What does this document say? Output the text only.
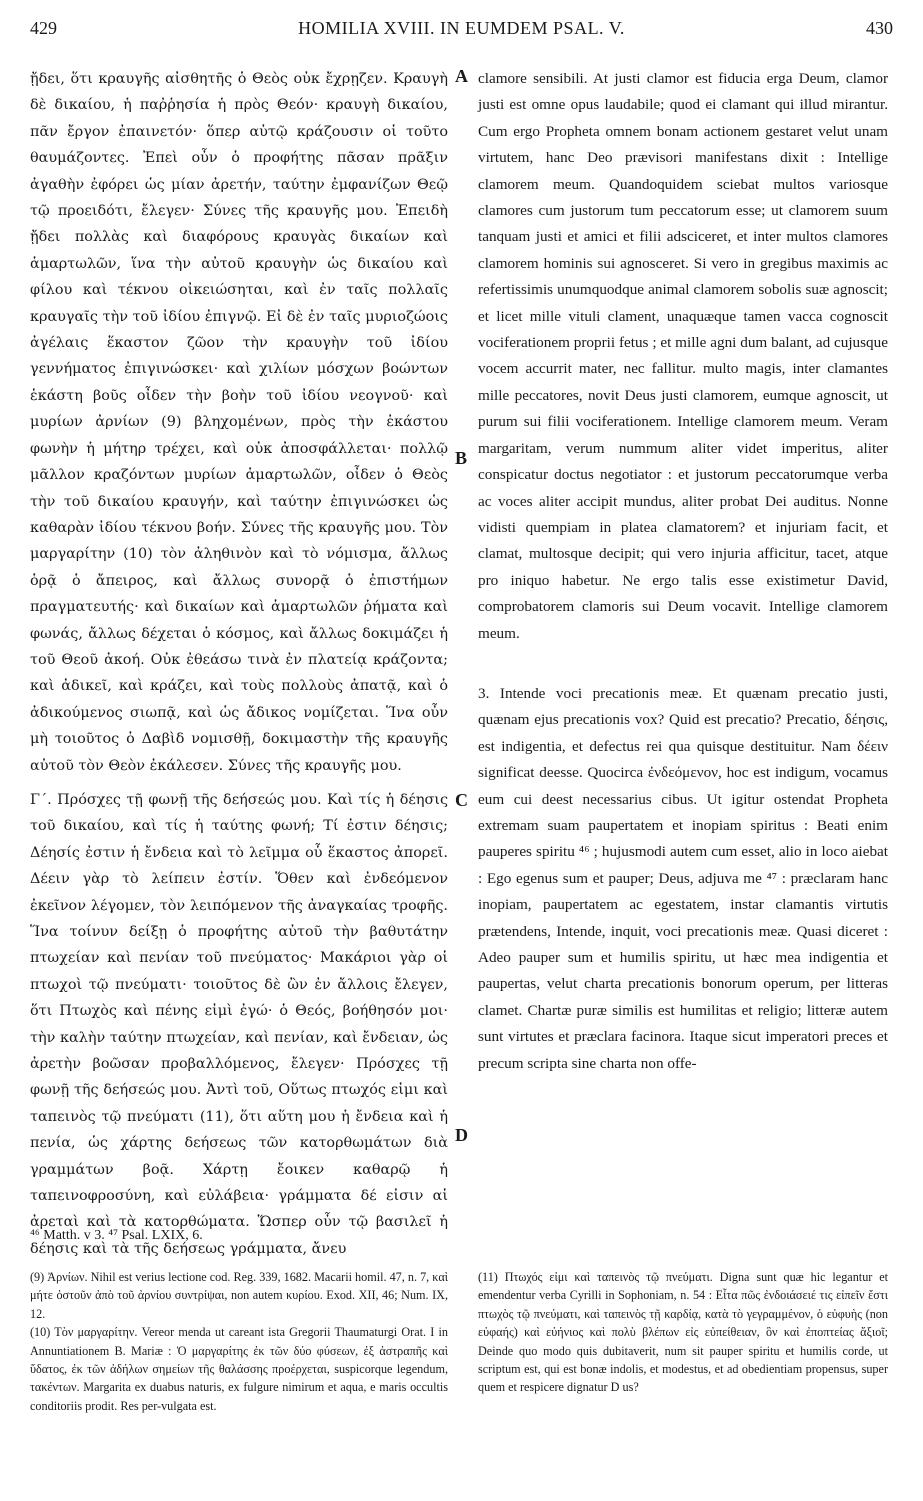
429	HOMILIA XVIII. IN EUMDEM PSAL. V.	430

ᾔδει, ὅτι κραυγῆς αἰσθητῆς ὁ Θεὸς οὐκ ἔχρῃζεν. Κραυγὴ δὲ δικαίου, ἡ παῤῥησία ἡ πρὸς Θεόν· κραυγὴ δικαίου, πᾶν ἔργον ἐπαινετόν· ὅπερ αὐτῷ κράζουσιν οἱ τοῦτο θαυμάζοντες. Ἐπεὶ οὖν ὁ προφήτης πᾶσαν πρᾶξιν ἀγαθὴν ἐφόρει ὡς μίαν ἀρετήν, ταύτην ἐμφανίζων Θεῷ τῷ προειδότι, ἔλεγεν· Σύνες τῆς κραυγῆς μου. Ἐπειδὴ ᾔδει πολλὰς καὶ διαφόρους κραυγὰς δικαίων καὶ ἁμαρτωλῶν, ἵνα τὴν αὐτοῦ κραυγὴν ὡς δικαίου καὶ φίλου καὶ τέκνου οἰκειώσηται, καὶ ἐν ταῖς πολλαῖς κραυγαῖς τὴν τοῦ ἰδίου ἐπιγνῷ. Εἰ δὲ ἐν ταῖς μυριοζώοις ἀγέλαις ἕκαστον ζῶον τὴν κραυγὴν τοῦ ἰδίου γεννήματος ἐπιγινώσκει· καὶ χιλίων μόσχων βοώντων ἑκάστη βοῦς οἶδεν τὴν βοὴν τοῦ ἰδίου νεογνοῦ· καὶ μυρίων ἀρνίων (9) βληχομένων, πρὸς τὴν ἑκάστου φωνὴν ἡ μήτηρ τρέχει, καὶ οὐκ ἀποσφάλλεται· πολλῷ μᾶλλον κραζόντων μυρίων ἁμαρτωλῶν, οἶδεν ὁ Θεὸς τὴν τοῦ δικαίου κραυγήν, καὶ ταύτην ἐπιγινώσκει ὡς καθαρὰν ἰδίου τέκνου βοήν. Σύνες τῆς κραυγῆς μου. Τὸν μαργαρίτην (10) τὸν ἀληθινὸν καὶ τὸ νόμισμα, ἄλλως ὁρᾷ ὁ ἄπειρος, καὶ ἄλλως συνορᾷ ὁ ἐπιστήμων πραγματευτής· καὶ δικαίων καὶ ἁμαρτωλῶν ῥήματα καὶ φωνάς, ἄλλως δέχεται ὁ κόσμος, καὶ ἄλλως δοκιμάζει ἡ τοῦ Θεοῦ ἀκοή. Οὐκ ἐθεάσω τινὰ ἐν πλατείᾳ κράζοντα; καὶ ἀδικεῖ, καὶ κράζει, καὶ τοὺς πολλοὺς ἀπατᾷ, καὶ ὁ ἀδικούμενος σιωπᾷ, καὶ ὡς ἄδικος νομίζεται. Ἵνα οὖν μὴ τοιοῦτος ὁ Δαβὶδ νομισθῇ, δοκιμαστὴν τῆς κραυγῆς αὐτοῦ τὸν Θεὸν ἐκάλεσεν. Σύνες τῆς κραυγῆς μου.

Γ΄. Πρόσχες τῇ φωνῇ τῆς δεήσεώς μου. Καὶ τίς ἡ δέησις τοῦ δικαίου, καὶ τίς ἡ ταύτης φωνή; Τί ἐστιν δέησις; Δέησίς ἐστιν ἡ ἔνδεια καὶ τὸ λεῖμμα οὗ ἕκαστος ἀπορεῖ. Δέειν γὰρ τὸ λείπειν ἐστίν. Ὅθεν καὶ ἐνδεόμενον ἐκεῖνον λέγομεν, τὸν λειπόμενον τῆς ἀναγκαίας τροφῆς. Ἵνα τοίνυν δείξῃ ὁ προφήτης αὐτοῦ τὴν βαθυτάτην πτωχείαν καὶ πενίαν τοῦ πνεύματος· Μακάριοι γὰρ οἱ πτωχοὶ τῷ πνεύματι· τοιοῦτος δὲ ὢν ἐν ἄλλοις ἔλεγεν, ὅτι Πτωχὸς καὶ πένης εἰμὶ ἐγώ· ὁ Θεός, βοήθησόν μοι· τὴν καλὴν ταύτην πτωχείαν, καὶ πενίαν, καὶ ἔνδειαν, ὡς ἀρετὴν βοῶσαν προβαλλόμενος, ἔλεγεν· Πρόσχες τῇ φωνῇ τῆς δεήσεώς μου. Ἀντὶ τοῦ, Οὕτως πτωχός εἰμι καὶ ταπεινὸς τῷ πνεύματι (11), ὅτι αὕτη μου ἡ ἔνδεια καὶ ἡ πενία, ὡς χάρτης δεήσεως τῶν κατορθωμάτων διὰ γραμμάτων βοᾷ. Χάρτῃ ἔοικεν καθαρῷ ἡ ταπεινοφροσύνη, καὶ εὐλάβεια· γράμματα δέ εἰσιν αἱ ἀρεταὶ καὶ τὰ κατορθώματα. Ὥσπερ οὖν τῷ βασιλεῖ ἡ δέησις καὶ τὰ τῆς δεήσεως γράμματα, ἄνευ

clamore sensibili. At justi clamor est fiducia erga Deum, clamor justi est omne opus laudabile; quod ei clamant qui illud mirantur. Cum ergo Propheta omnem bonam actionem gestaret velut unam virtutem, hanc Deo prævisori manifestans dixit : Intellige clamorem meum. Quandoquidem sciebat multos variosque clamores cum justorum tum peccatorum esse; ut clamorem suum tanquam justi et amici et filii adsciceret, et inter multos clamores clamorem hominis sui agnosceret. Si vero in gregibus maximis ac refertissimis unumquodque animal clamorem sobolis suæ agnoscit; et licet mille vituli clament, unaquæque tamen vacca cognoscit vociferationem proprii fetus ; et mille agni dum balant, ad cujusque vocem accurrit mater, nec fallitur. multo magis, inter clamantes mille peccatores, novit Deus justi clamorem, eumque agnoscit, ut purum sui filii vociferationem. Intellige clamorem meum. Veram margaritam, verum nummum aliter videt imperitus, aliter conspicatur doctus negotiator : et justorum peccatorumque verba ac voces aliter accipit mundus, aliter probat Dei auditus. Nonne vidisti quempiam in platea clamatorem? et injuriam facit, et clamat, multosque decipit; qui vero injuria afficitur, tacet, atque pro iniquo habetur. Ne ergo talis esse existimetur David, comprobatorem clamoris sui Deum vocavit. Intellige clamorem meum.

3. Intende voci precationis meæ. Et quænam precatio justi, quænam ejus precationis vox? Quid est precatio? Precatio, δέησις, est indigentia, et defectus rei qua quisque destituitur. Nam δέειν significat deesse. Quocirca ἐνδεόμενον, hoc est indigum, vocamus eum cui deest necessarius cibus. Ut igitur ostendat Propheta extremam suam paupertatem et inopiam spiritus : Beati enim pauperes spiritu ⁴⁶ ; hujusmodi autem cum esset, alio in loco aiebat : Ego egenus sum et pauper; Deus, adjuva me ⁴⁷ : præclaram hanc inopiam, paupertatem ac egestatem, instar clamantis virtutis prætendens, Intende, inquit, voci precationis meæ. Quasi diceret : Adeo pauper sum et humilis spiritu, ut hæc mea indigentia et paupertas, velut charta precationis bonorum operum, per litteras clamet. Chartæ puræ similis est humilitas et religio; litteræ autem sunt virtutes et præclara facinora. Itaque sicut imperatori preces et precum scripta sine charta non offe-

A
B
C
D
⁴⁶ Matth. v 3. ⁴⁷ Psal. LXIX, 6.

(9) Ἀρνίων. Nihil est verius lectione cod. Reg. 339, 1682. Macarii homil. 47, n. 7, καὶ μήτε ὀστοῦν ἀπὸ τοῦ ἀρνίου συντρίψαι, non autem κυρίου. Exod. XII, 46; Num. IX, 12.

(10) Τὸν μαργαρίτην. Vereor menda ut careant ista Gregorii Thaumaturgi Orat. I in Annuntiationem B. Mariæ : Ὁ μαργαρίτης ἐκ τῶν δύο φύσεων, ἐξ ἀστραπῆς καὶ ὕδατος, ἐκ τῶν ἀδήλων σημείων τῆς θαλάσσης προέρχεται, suspicorque legendum, τακέντων. Margarita ex duabus naturis, ex fulgure nimirum et aqua, e maris occultis conditoriis prodit. Res per-vulgata est.

(11) Πτωχός εἰμι καὶ ταπεινὸς τῷ πνεύματι. Digna sunt quæ hic legantur et emendentur verba Cyrilli in Sophoniam, n. 54 : Εἶτα πῶς ἐνδοιάσειέ τις εἰπεῖν ἔστι πτωχὸς τῷ πνεύματι, καὶ ταπεινὸς τῇ καρδίᾳ, κατὰ τὸ γεγραμμένον, ὁ εὐφυὴς (non εὐφαής) καὶ εὐήνιος καὶ πολὺ βλέπων εἰς εὐπείθειαν, ὃν καὶ ἐποπτείας ἄξιοῖ; Deinde quo modo quis dubitaverit, num sit pauper spiritu et humilis corde, ut scriptum est, qui est bonæ indolis, et modestus, et ad obedientiam propensus, super quem et respicere dignatur D us?
